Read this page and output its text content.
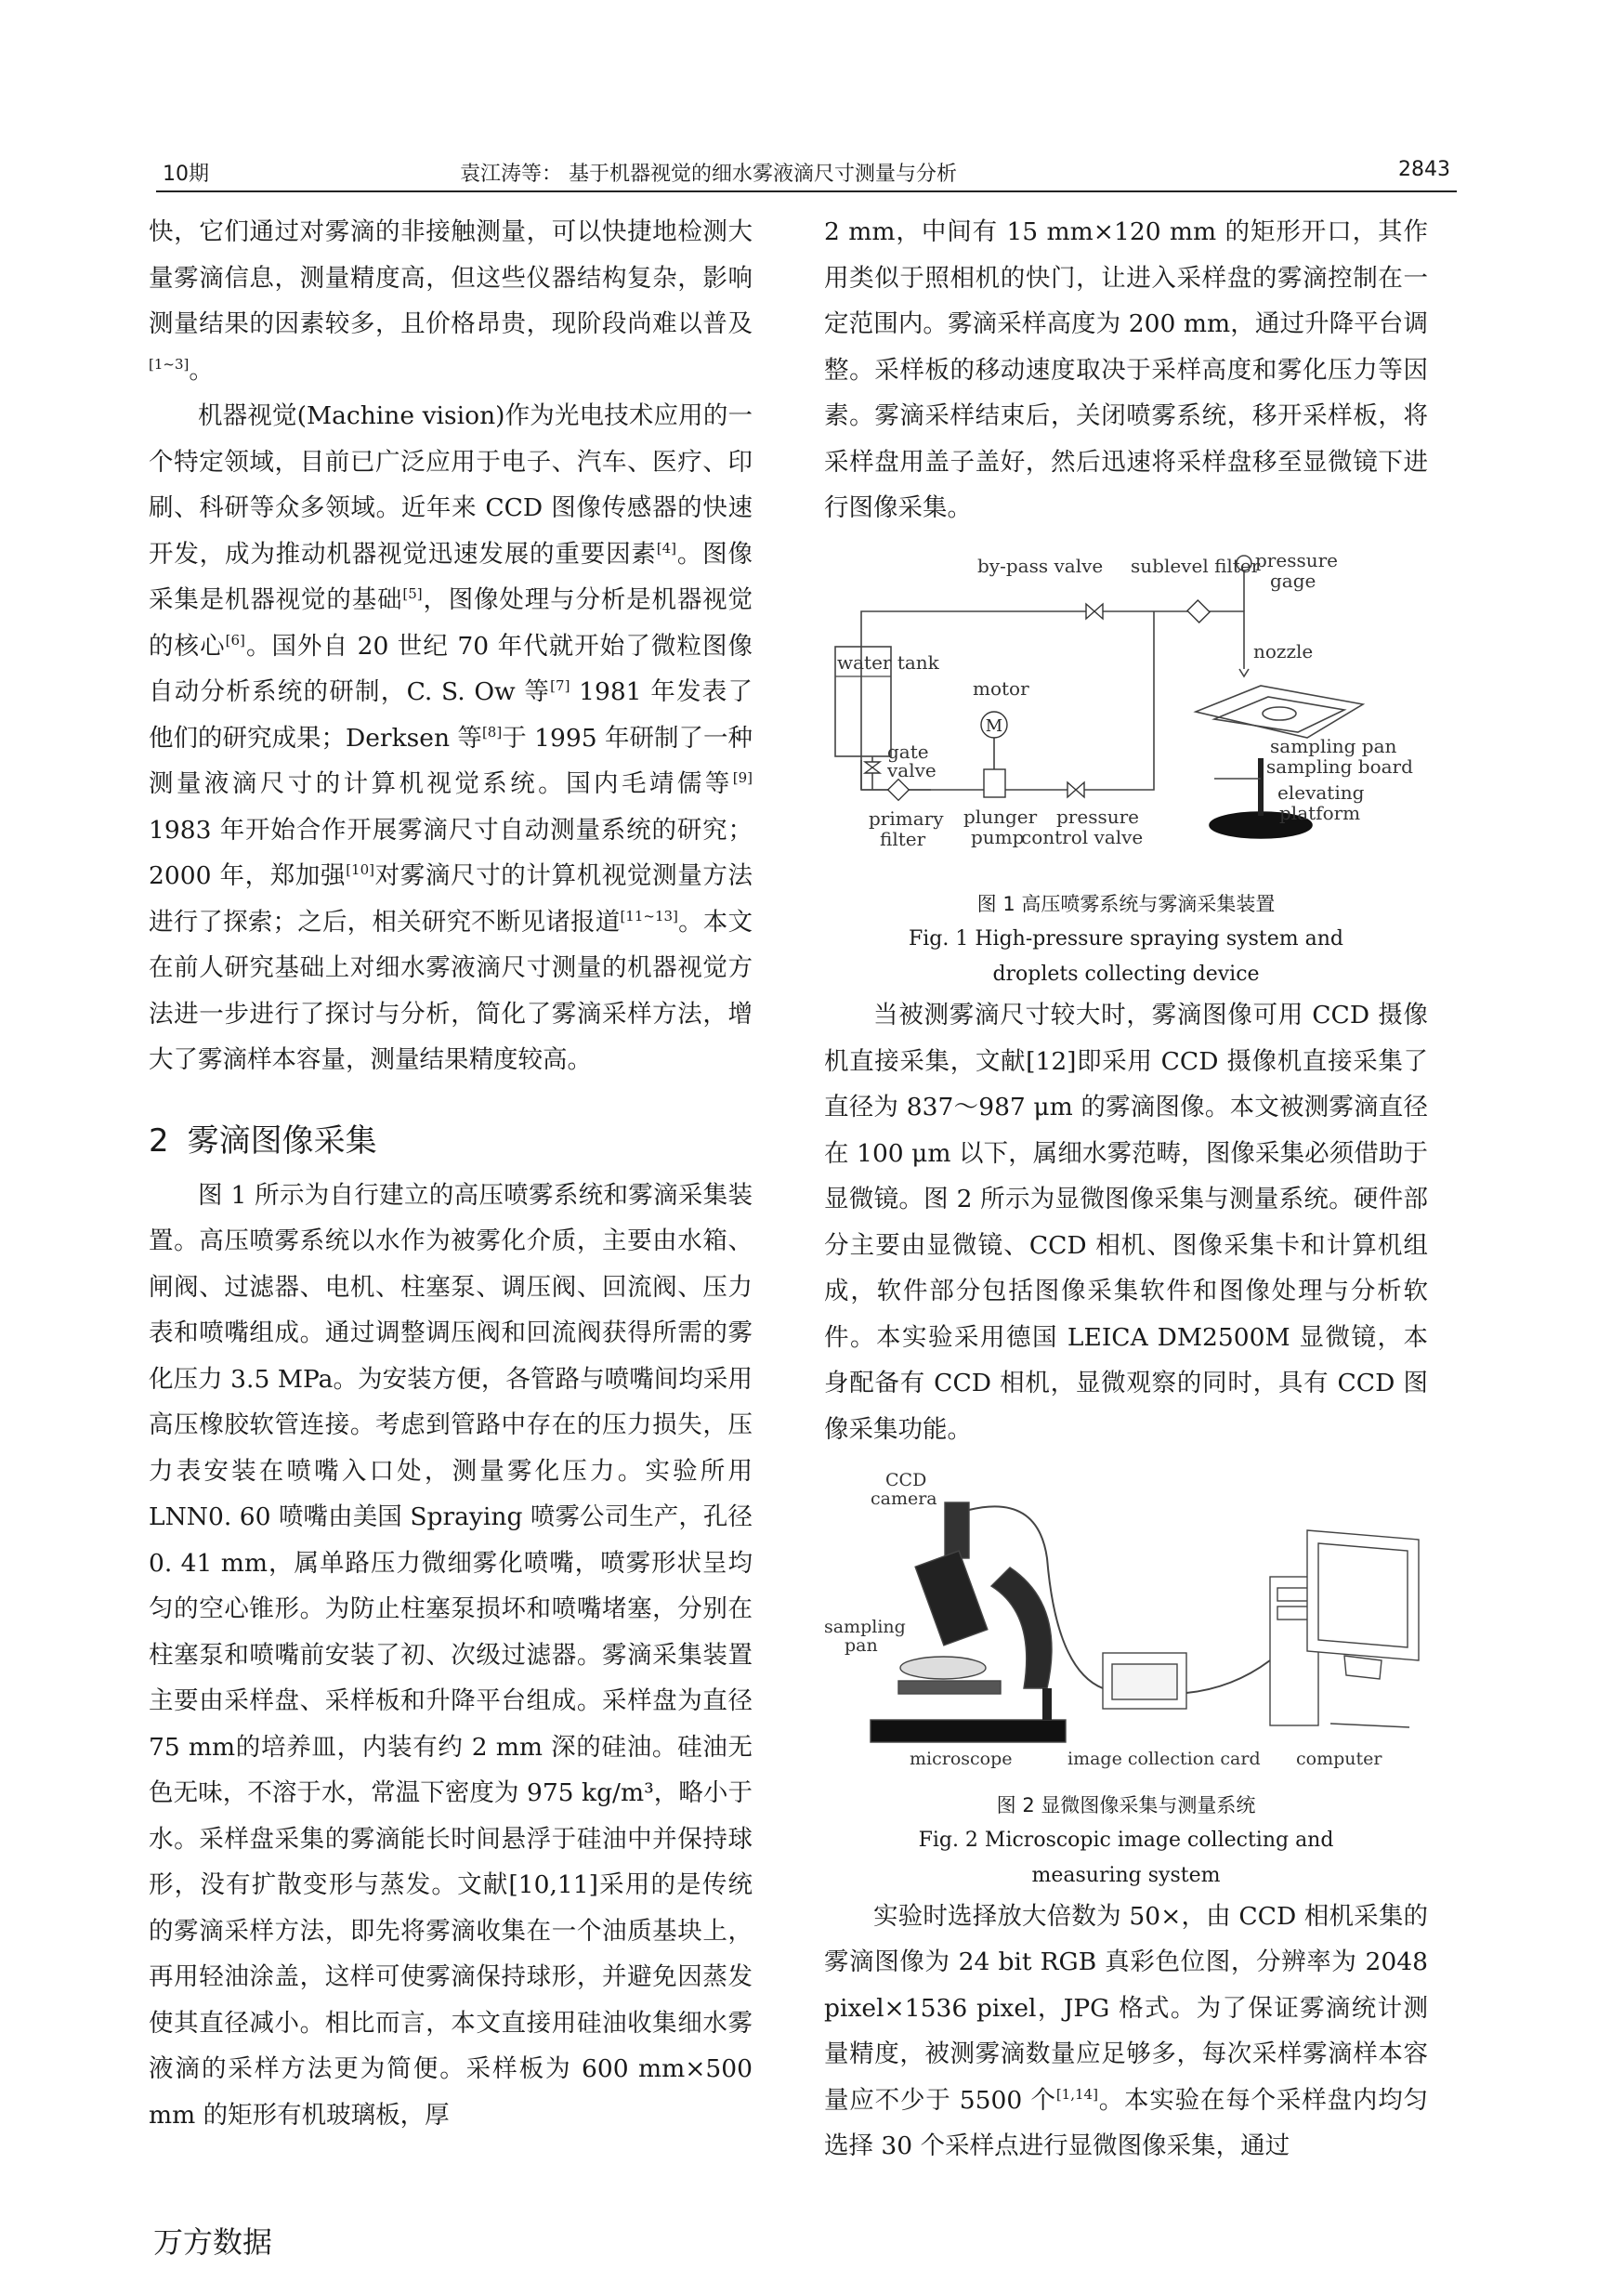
10期	袁江涛等： 基于机器视觉的细水雾液滴尺寸测量与分析	2843

快，它们通过对雾滴的非接触测量，可以快捷地检测大量雾滴信息，测量精度高，但这些仪器结构复杂，影响测量结果的因素较多，且价格昂贵，现阶段尚难以普及[1~3]。

机器视觉(Machine vision)作为光电技术应用的一个特定领域，目前已广泛应用于电子、汽车、医疗、印刷、科研等众多领域。近年来 CCD 图像传感器的快速开发，成为推动机器视觉迅速发展的重要因素[4]。图像采集是机器视觉的基础[5]，图像处理与分析是机器视觉的核心[6]。国外自 20 世纪 70 年代就开始了微粒图像自动分析系统的研制，C. S. Ow 等[7] 1981 年发表了他们的研究成果；Derksen 等[8]于 1995 年研制了一种测量液滴尺寸的计算机视觉系统。国内毛靖儒等[9] 1983 年开始合作开展雾滴尺寸自动测量系统的研究；2000 年，郑加强[10]对雾滴尺寸的计算机视觉测量方法进行了探索；之后，相关研究不断见诸报道[11~13]。本文在前人研究基础上对细水雾液滴尺寸测量的机器视觉方法进一步进行了探讨与分析，简化了雾滴采样方法，增大了雾滴样本容量，测量结果精度较高。

2 雾滴图像采集

图 1 所示为自行建立的高压喷雾系统和雾滴采集装置。高压喷雾系统以水作为被雾化介质，主要由水箱、闸阀、过滤器、电机、柱塞泵、调压阀、回流阀、压力表和喷嘴组成。通过调整调压阀和回流阀获得所需的雾化压力 3.5 MPa。为安装方便，各管路与喷嘴间均采用高压橡胶软管连接。考虑到管路中存在的压力损失，压力表安装在喷嘴入口处，测量雾化压力。实验所用 LNN0. 60 喷嘴由美国 Spraying 喷雾公司生产，孔径 0. 41 mm，属单路压力微细雾化喷嘴，喷雾形状呈均匀的空心锥形。为防止柱塞泵损坏和喷嘴堵塞，分别在柱塞泵和喷嘴前安装了初、次级过滤器。雾滴采集装置主要由采样盘、采样板和升降平台组成。采样盘为直径 75 mm的培养皿，内装有约 2 mm 深的硅油。硅油无色无味，不溶于水，常温下密度为 975 kg/m³，略小于水。采样盘采集的雾滴能长时间悬浮于硅油中并保持球形，没有扩散变形与蒸发。文献[10,11]采用的是传统的雾滴采样方法，即先将雾滴收集在一个油质基块上，再用轻油涂盖，这样可使雾滴保持球形，并避免因蒸发使其直径减小。相比而言，本文直接用硅油收集细水雾液滴的采样方法更为简便。采样板为 600 mm×500 mm 的矩形有机玻璃板，厚

2 mm，中间有 15 mm×120 mm 的矩形开口，其作用类似于照相机的快门，让进入采样盘的雾滴控制在一定范围内。雾滴采样高度为 200 mm，通过升降平台调整。采样板的移动速度取决于采样高度和雾化压力等因素。雾滴采样结束后，关闭喷雾系统，移开采样板，将采样盘用盖子盖好，然后迅速将采样盘移至显微镜下进行图像采集。

M
by-pass valve sublevel filter
pressure
gage
nozzle
water tank
motor
gate
valve
sampling pan
sampling board
elevating
platform
primary
filter
plunger
pump
pressure
control valve
图 1 高压喷雾系统与雾滴采集装置
Fig. 1 High-pressure spraying system and
droplets collecting device

当被测雾滴尺寸较大时，雾滴图像可用 CCD 摄像机直接采集，文献[12]即采用 CCD 摄像机直接采集了直径为 837～987 μm 的雾滴图像。本文被测雾滴直径在 100 μm 以下，属细水雾范畴，图像采集必须借助于显微镜。图 2 所示为显微图像采集与测量系统。硬件部分主要由显微镜、CCD 相机、图像采集卡和计算机组成，软件部分包括图像采集软件和图像处理与分析软件。本实验采用德国 LEICA DM2500M 显微镜，本身配备有 CCD 相机，显微观察的同时，具有 CCD 图像采集功能。

CCD
camera
sampling
pan
microscope	image collection card computer
图 2 显微图像采集与测量系统
Fig. 2 Microscopic image collecting and
measuring system

实验时选择放大倍数为 50×，由 CCD 相机采集的雾滴图像为 24 bit RGB 真彩色位图，分辨率为 2048 pixel×1536 pixel，JPG 格式。为了保证雾滴统计测量精度，被测雾滴数量应足够多，每次采样雾滴样本容量应不少于 5500 个[1,14]。本实验在每个采样盘内均匀选择 30 个采样点进行显微图像采集，通过

万方数据
